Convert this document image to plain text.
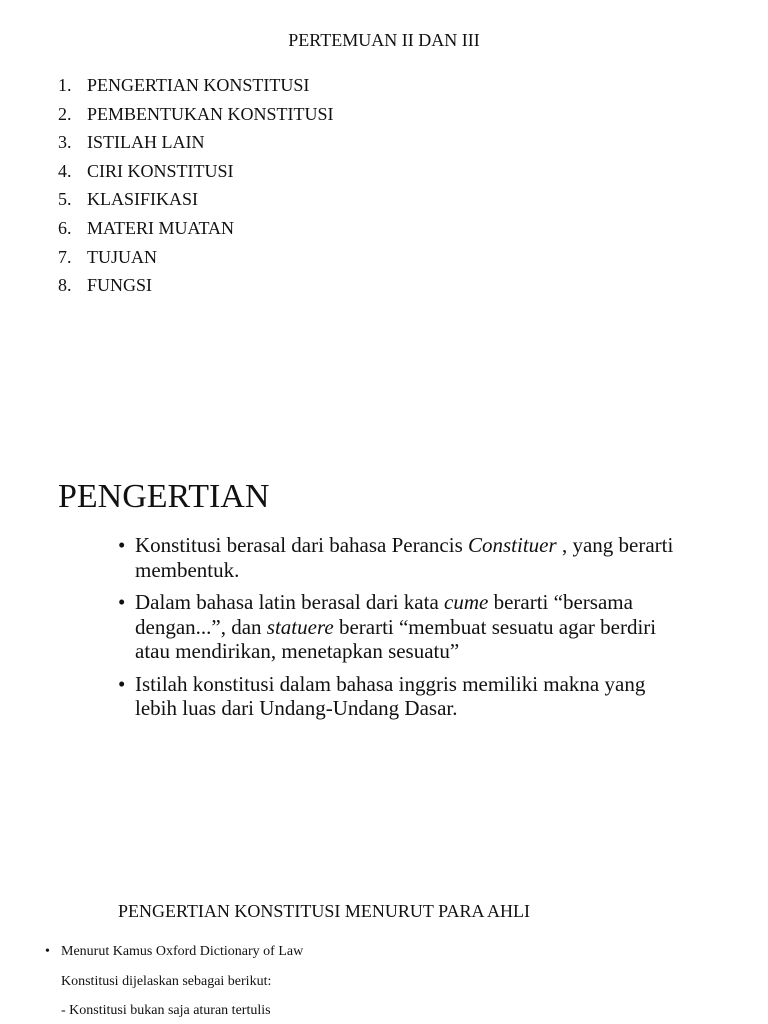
PERTEMUAN II DAN III
1. PENGERTIAN KONSTITUSI
2. PEMBENTUKAN KONSTITUSI
3. ISTILAH LAIN
4. CIRI KONSTITUSI
5. KLASIFIKASI
6. MATERI MUATAN
7. TUJUAN
8. FUNGSI
PENGERTIAN
• Konstitusi berasal dari bahasa Perancis Constituer , yang berarti membentuk.
• Dalam bahasa latin berasal dari kata cume berarti “bersama dengan...”, dan statuere berarti “membuat sesuatu agar berdiri atau mendirikan, menetapkan sesuatu”
• Istilah konstitusi dalam bahasa inggris memiliki makna yang lebih luas dari Undang-Undang Dasar.
PENGERTIAN KONSTITUSI MENURUT PARA AHLI
• Menurut Kamus Oxford Dictionary of Law
Konstitusi dijelaskan sebagai berikut:
- Konstitusi bukan saja aturan tertulis
